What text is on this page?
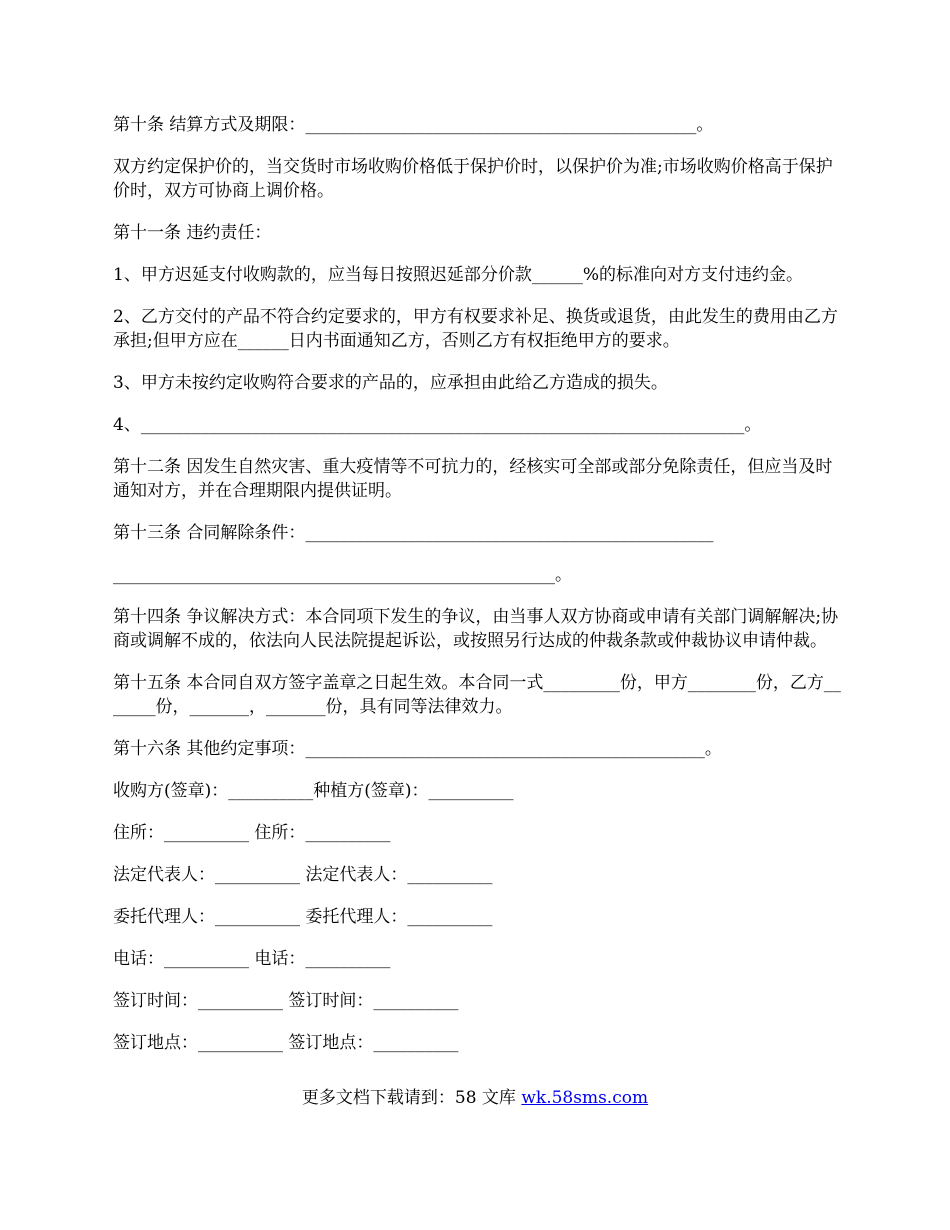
第十条 结算方式及期限：______________________________________________。

双方约定保护价的，当交货时市场收购价格低于保护价时，以保护价为准;市场收购价格高于保护价时，双方可协商上调价格。

第十一条 违约责任：

1、甲方迟延支付收购款的，应当每日按照迟延部分价款______%的标准向对方支付违约金。

2、乙方交付的产品不符合约定要求的，甲方有权要求补足、换货或退货，由此发生的费用由乙方承担;但甲方应在______日内书面通知乙方，否则乙方有权拒绝甲方的要求。

3、甲方未按约定收购符合要求的产品的，应承担由此给乙方造成的损失。

4、_______________________________________________________________________。

第十二条 因发生自然灾害、重大疫情等不可抗力的，经核实可全部或部分免除责任，但应当及时通知对方，并在合理期限内提供证明。

第十三条 合同解除条件：________________________________________________

____________________________________________________。

第十四条 争议解决方式：本合同项下发生的争议，由当事人双方协商或申请有关部门调解解决;协商或调解不成的，依法向人民法院提起诉讼，或按照另行达成的仲裁条款或仲裁协议申请仲裁。

第十五条 本合同自双方签字盖章之日起生效。本合同一式_________份，甲方________份，乙方_______份，_______，_______份，具有同等法律效力。

第十六条 其他约定事项：_______________________________________________。

收购方(签章)：__________种植方(签章)：__________

住所：__________ 住所：__________

法定代表人：__________ 法定代表人：__________

委托代理人：__________ 委托代理人：__________

电话：__________ 电话：__________

签订时间：__________ 签订时间：__________

签订地点：__________ 签订地点：__________

更多文档下载请到：58 文库 wk.58sms.com
